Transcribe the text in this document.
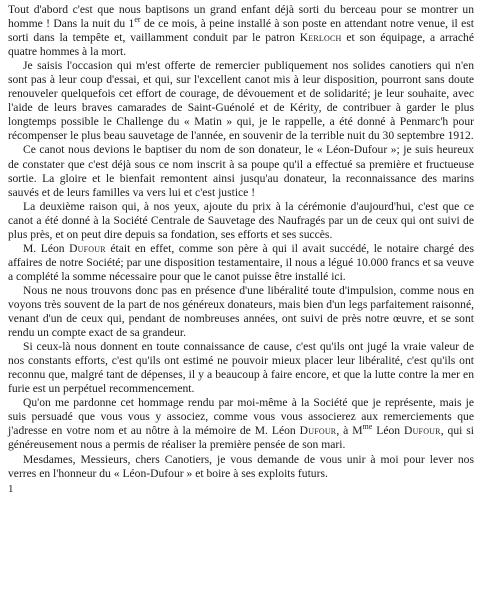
Tout d'abord c'est que nous baptisons un grand enfant déjà sorti du berceau pour se montrer un homme ! Dans la nuit du 1er de ce mois, à peine installé à son poste en attendant notre venue, il est sorti dans la tempête et, vaillamment conduit par le patron Kerloch et son équipage, a arraché quatre hommes à la mort.

Je saisis l'occasion qui m'est offerte de remercier publiquement nos solides canotiers qui n'en sont pas à leur coup d'essai, et qui, sur l'excellent canot mis à leur disposition, pourront sans doute renouveler quelquefois cet effort de courage, de dévouement et de solidarité; je leur souhaite, avec l'aide de leurs braves camarades de Saint-Guénolé et de Kérity, de contribuer à garder le plus longtemps possible le Challenge du « Matin » qui, je le rappelle, a été donné à Penmarc'h pour récompenser le plus beau sauvetage de l'année, en souvenir de la terrible nuit du 30 septembre 1912.

Ce canot nous devions le baptiser du nom de son donateur, le « Léon-Dufour »; je suis heureux de constater que c'est déjà sous ce nom inscrit à sa poupe qu'il a effectué sa première et fructueuse sortie. La gloire et le bienfait remontent ainsi jusqu'au donateur, la reconnaissance des marins sauvés et de leurs familles va vers lui et c'est justice !

La deuxième raison qui, à nos yeux, ajoute du prix à la cérémonie d'aujourd'hui, c'est que ce canot a été donné à la Société Centrale de Sauvetage des Naufragés par un de ceux qui ont suivi de plus près, et on peut dire depuis sa fondation, ses efforts et ses succès.

M. Léon Dufour était en effet, comme son père à qui il avait succédé, le notaire chargé des affaires de notre Société; par une disposition testamentaire, il nous a légué 10.000 francs et sa veuve a complété la somme nécessaire pour que le canot puisse être installé ici.

Nous ne nous trouvons donc pas en présence d'une libéralité toute d'impulsion, comme nous en voyons très souvent de la part de nos généreux donateurs, mais bien d'un legs parfaitement raisonné, venant d'un de ceux qui, pendant de nombreuses années, ont suivi de près notre œuvre, et se sont rendu un compte exact de sa grandeur.

Si ceux-là nous donnent en toute connaissance de cause, c'est qu'ils ont jugé la vraie valeur de nos constants efforts, c'est qu'ils ont estimé ne pouvoir mieux placer leur libéralité, c'est qu'ils ont reconnu que, malgré tant de dépenses, il y a beaucoup à faire encore, et que la lutte contre la mer en furie est un perpétuel recommencement.

Qu'on me pardonne cet hommage rendu par moi-même à la Société que je représente, mais je suis persuadé que vous vous y associez, comme vous vous associerez aux remerciements que j'adresse en votre nom et au nôtre à la mémoire de M. Léon Dufour, à $M^{me}$ Léon Dufour, qui si généreusement nous a permis de réaliser la première pensée de son mari.

Mesdames, Messieurs, chers Canotiers, je vous demande de vous unir à moi pour lever nos verres en l'honneur du « Léon-Dufour » et boire à ses exploits futurs.

1
